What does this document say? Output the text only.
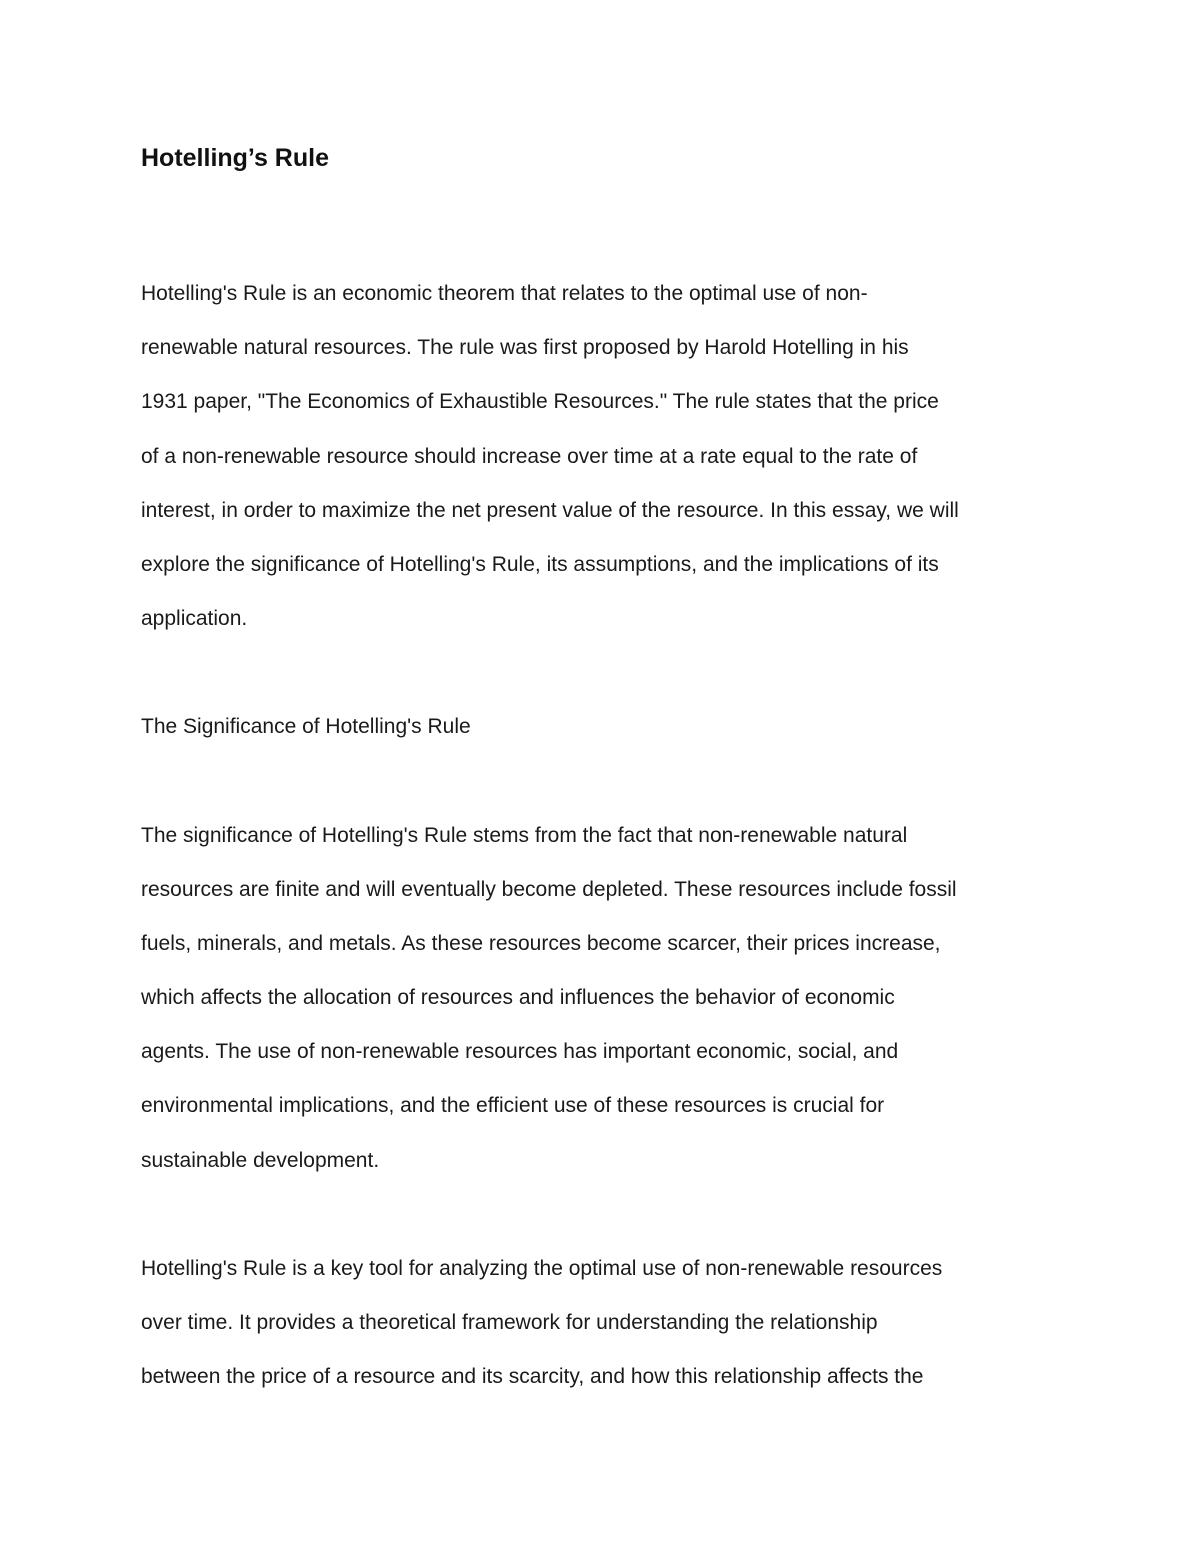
Hotelling’s Rule

Hotelling's Rule is an economic theorem that relates to the optimal use of non-
renewable natural resources. The rule was first proposed by Harold Hotelling in his
1931 paper, "The Economics of Exhaustible Resources." The rule states that the price
of a non-renewable resource should increase over time at a rate equal to the rate of
interest, in order to maximize the net present value of the resource. In this essay, we will
explore the significance of Hotelling's Rule, its assumptions, and the implications of its
application.

The Significance of Hotelling's Rule

The significance of Hotelling's Rule stems from the fact that non-renewable natural
resources are finite and will eventually become depleted. These resources include fossil
fuels, minerals, and metals. As these resources become scarcer, their prices increase,
which affects the allocation of resources and influences the behavior of economic
agents. The use of non-renewable resources has important economic, social, and
environmental implications, and the efficient use of these resources is crucial for
sustainable development.

Hotelling's Rule is a key tool for analyzing the optimal use of non-renewable resources
over time. It provides a theoretical framework for understanding the relationship
between the price of a resource and its scarcity, and how this relationship affects the
